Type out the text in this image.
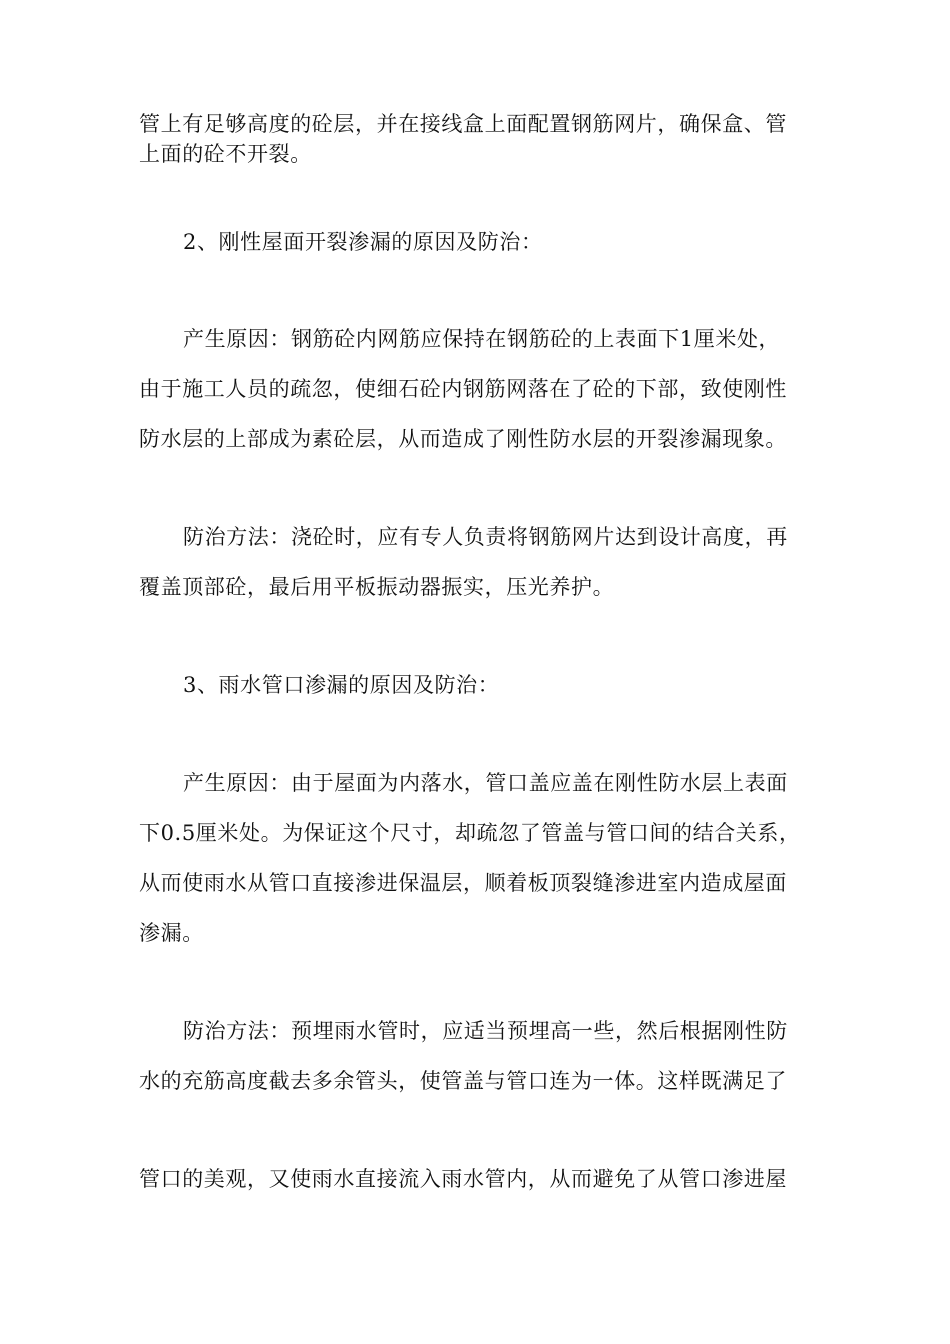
管上有足够高度的砼层，并在接线盒上面配置钢筋网片，确保盒、管
上面的砼不开裂。
2、刚性屋面开裂渗漏的原因及防治：
产生原因：钢筋砼内网筋应保持在钢筋砼的上表面下1厘米处，
由于施工人员的疏忽，使细石砼内钢筋网落在了砼的下部，致使刚性
防水层的上部成为素砼层，从而造成了刚性防水层的开裂渗漏现象。
防治方法：浇砼时，应有专人负责将钢筋网片达到设计高度，再
覆盖顶部砼，最后用平板振动器振实，压光养护。
3、雨水管口渗漏的原因及防治：
产生原因：由于屋面为内落水，管口盖应盖在刚性防水层上表面
下0.5厘米处。为保证这个尺寸，却疏忽了管盖与管口间的结合关系，
从而使雨水从管口直接渗进保温层，顺着板顶裂缝渗进室内造成屋面
渗漏。
防治方法：预埋雨水管时，应适当预埋高一些，然后根据刚性防
水的充筋高度截去多余管头，使管盖与管口连为一体。这样既满足了
管口的美观，又使雨水直接流入雨水管内，从而避免了从管口渗进屋
